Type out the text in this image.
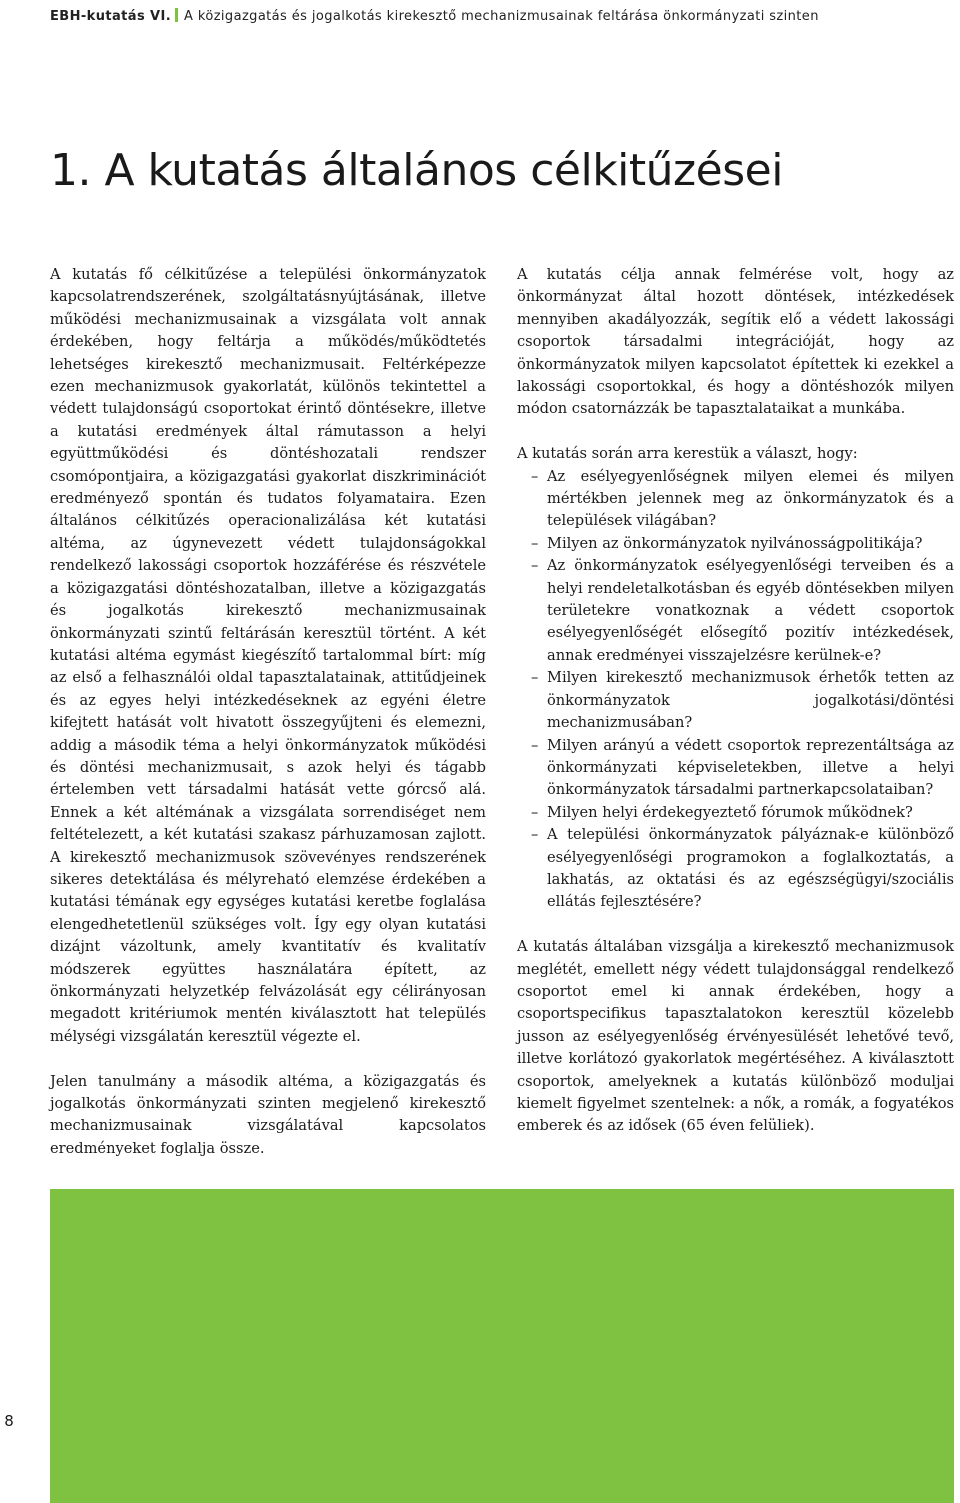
EBH-kutatás VI. A közigazgatás és jogalkotás kirekesztő mechanizmusainak feltárása önkormányzati szinten
1. A kutatás általános célkitűzései

A kutatás fő célkitűzése a települési önkormányzatok kapcsolatrendszerének, szolgáltatásnyújtásának, illetve működési mechanizmusainak a vizsgálata volt annak érdekében, hogy feltárja a működés/működtetés lehetséges kirekesztő mechanizmusait. Feltérképezze ezen mechanizmusok gyakorlatát, különös tekintettel a védett tulajdonságú csoportokat érintő döntésekre, illetve a kutatási eredmények által rámutasson a helyi együttműködési és döntéshozatali rendszer csomópontjaira, a közigazgatási gyakorlat diszkriminációt eredményező spontán és tudatos folyamataira. Ezen általános célkitűzés operacionalizálása két kutatási altéma, az úgynevezett védett tulajdonságokkal rendelkező lakossági csoportok hozzáférése és részvétele a közigazgatási döntéshozatalban, illetve a közigazgatás és jogalkotás kirekesztő mechanizmusainak önkormányzati szintű feltárásán keresztül történt. A két kutatási altéma egymást kiegészítő tartalommal bírt: míg az első a felhasználói oldal tapasztalatainak, attitűdjeinek és az egyes helyi intézkedéseknek az egyéni életre kifejtett hatását volt hivatott összegyűjteni és elemezni, addig a második téma a helyi önkormányzatok működési és döntési mechanizmusait, s azok helyi és tágabb értelemben vett társadalmi hatását vette górcső alá. Ennek a két altémának a vizsgálata sorrendiséget nem feltételezett, a két kutatási szakasz párhuzamosan zajlott. A kirekesztő mechanizmusok szövevényes rendszerének sikeres detektálása és mélyreható elemzése érdekében a kutatási témának egy egységes kutatási keretbe foglalása elengedhetetlenül szükséges volt. Így egy olyan kutatási dizájnt vázoltunk, amely kvantitatív és kvalitatív módszerek együttes használatára épített, az önkormányzati helyzetkép felvázolását egy célirányosan megadott kritériumok mentén kiválasztott hat település mélységi vizsgálatán keresztül végezte el.

Jelen tanulmány a második altéma, a közigazgatás és jogalkotás önkormányzati szinten megjelenő kirekesztő mechanizmusainak vizsgálatával kapcsolatos eredményeket foglalja össze.

A kutatás célja annak felmérése volt, hogy az önkormányzat által hozott döntések, intézkedések mennyiben akadályozzák, segítik elő a védett lakossági csoportok társadalmi integrációját, hogy az önkormányzatok milyen kapcsolatot építettek ki ezekkel a lakossági csoportokkal, és hogy a döntéshozók milyen módon csatornázzák be tapasztalataikat a munkába.

A kutatás során arra kerestük a választ, hogy:

– Az esélyegyenlőségnek milyen elemei és milyen mértékben jelennek meg az önkormányzatok és a települések világában?
– Milyen az önkormányzatok nyilvánosságpolitikája?
– Az önkormányzatok esélyegyenlőségi terveiben és a helyi rendeletalkotásban és egyéb döntésekben milyen területekre vonatkoznak a védett csoportok esélyegyenlőségét elősegítő pozitív intézkedések, annak eredményei visszajelzésre kerülnek-e?
– Milyen kirekesztő mechanizmusok érhetők tetten az önkormányzatok jogalkotási/döntési mechanizmusában?
– Milyen arányú a védett csoportok reprezentáltsága az önkormányzati képviseletekben, illetve a helyi önkormányzatok társadalmi partnerkapcsolataiban?
– Milyen helyi érdekegyeztető fórumok működnek?
– A települési önkormányzatok pályáznak-e különböző esélyegyenlőségi programokon a foglalkoztatás, a lakhatás, az oktatási és az egészségügyi/szociális ellátás fejlesztésére?

A kutatás általában vizsgálja a kirekesztő mechanizmusok meglétét, emellett négy védett tulajdonsággal rendelkező csoportot emel ki annak érdekében, hogy a csoportspecifikus tapasztalatokon keresztül közelebb jusson az esélyegyenlőség érvényesülését lehetővé tevő, illetve korlátozó gyakorlatok megértéséhez. A kiválasztott csoportok, amelyeknek a kutatás különböző moduljai kiemelt figyelmet szentelnek: a nők, a romák, a fogyatékos emberek és az idősek (65 éven felüliek).

8
